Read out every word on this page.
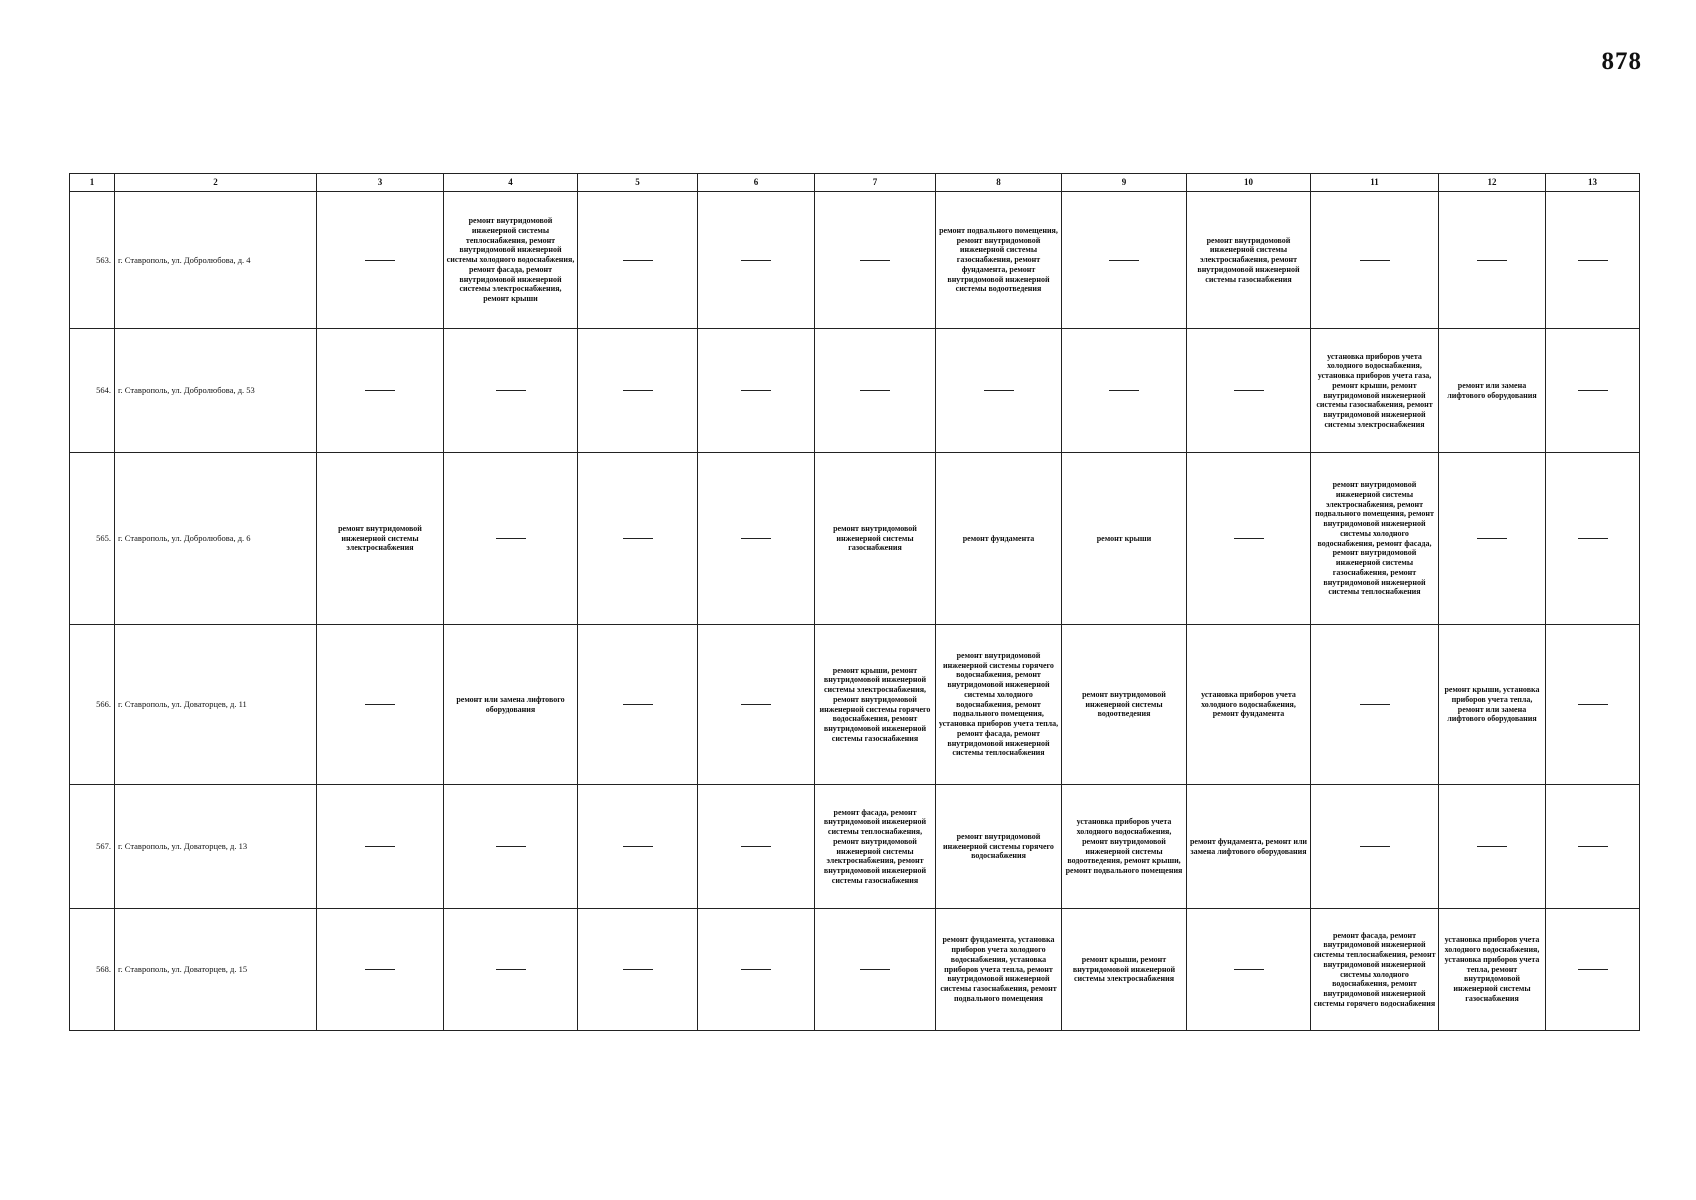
878
1	2	3	4	5	6	7	8	9	10	11	12	13
563.	г. Ставрополь, ул. Добролюбова, д. 4		ремонт внутридомовой инженерной системы теплоснабжения, ремонт внутридомовой инженерной системы холодного водоснабжения, ремонт фасада, ремонт внутридомовой инженерной системы электроснабжения, ремонт крыши				ремонт подвального помещения, ремонт внутридомовой инженерной системы газоснабжения, ремонт фундамента, ремонт внутридомовой инженерной системы водоотведения		ремонт внутридомовой инженерной системы электроснабжения, ремонт внутридомовой инженерной системы газоснабжения			
564.	г. Ставрополь, ул. Добролюбова, д. 53									установка приборов учета холодного водоснабжения, установка приборов учета газа, ремонт крыши, ремонт внутридомовой инженерной системы газоснабжения, ремонт внутридомовой инженерной системы электроснабжения	ремонт или замена лифтового оборудования	
565.	г. Ставрополь, ул. Добролюбова, д. 6	ремонт внутридомовой инженерной системы электроснабжения				ремонт внутридомовой инженерной системы газоснабжения	ремонт фундамента	ремонт крыши		ремонт внутридомовой инженерной системы электроснабжения, ремонт подвального помещения, ремонт внутридомовой инженерной системы холодного водоснабжения, ремонт фасада, ремонт внутридомовой инженерной системы газоснабжения, ремонт внутридомовой инженерной системы теплоснабжения		
566.	г. Ставрополь, ул. Доваторцев, д. 11		ремонт или замена лифтового оборудования			ремонт крыши, ремонт внутридомовой инженерной системы электроснабжения, ремонт внутридомовой инженерной системы горячего водоснабжения, ремонт внутридомовой инженерной системы газоснабжения	ремонт внутридомовой инженерной системы горячего водоснабжения, ремонт внутридомовой инженерной системы холодного водоснабжения, ремонт подвального помещения, установка приборов учета тепла, ремонт фасада, ремонт внутридомовой инженерной системы теплоснабжения	ремонт внутридомовой инженерной системы водоотведения	установка приборов учета холодного водоснабжения, ремонт фундамента		ремонт крыши, установка приборов учета тепла, ремонт или замена лифтового оборудования	
567.	г. Ставрополь, ул. Доваторцев, д. 13					ремонт фасада, ремонт внутридомовой инженерной системы теплоснабжения, ремонт внутридомовой инженерной системы электроснабжения, ремонт внутридомовой инженерной системы газоснабжения	ремонт внутридомовой инженерной системы горячего водоснабжения	установка приборов учета холодного водоснабжения, ремонт внутридомовой инженерной системы водоотведения, ремонт крыши, ремонт подвального помещения	ремонт фундамента, ремонт или замена лифтового оборудования			
568.	г. Ставрополь, ул. Доваторцев, д. 15						ремонт фундамента, установка приборов учета холодного водоснабжения, установка приборов учета тепла, ремонт внутридомовой инженерной системы газоснабжения, ремонт подвального помещения	ремонт крыши, ремонт внутридомовой инженерной системы электроснабжения		ремонт фасада, ремонт внутридомовой инженерной системы теплоснабжения, ремонт внутридомовой инженерной системы холодного водоснабжения, ремонт внутридомовой инженерной системы горячего водоснабжения	установка приборов учета холодного водоснабжения, установка приборов учета тепла, ремонт внутридомовой инженерной системы газоснабжения	
